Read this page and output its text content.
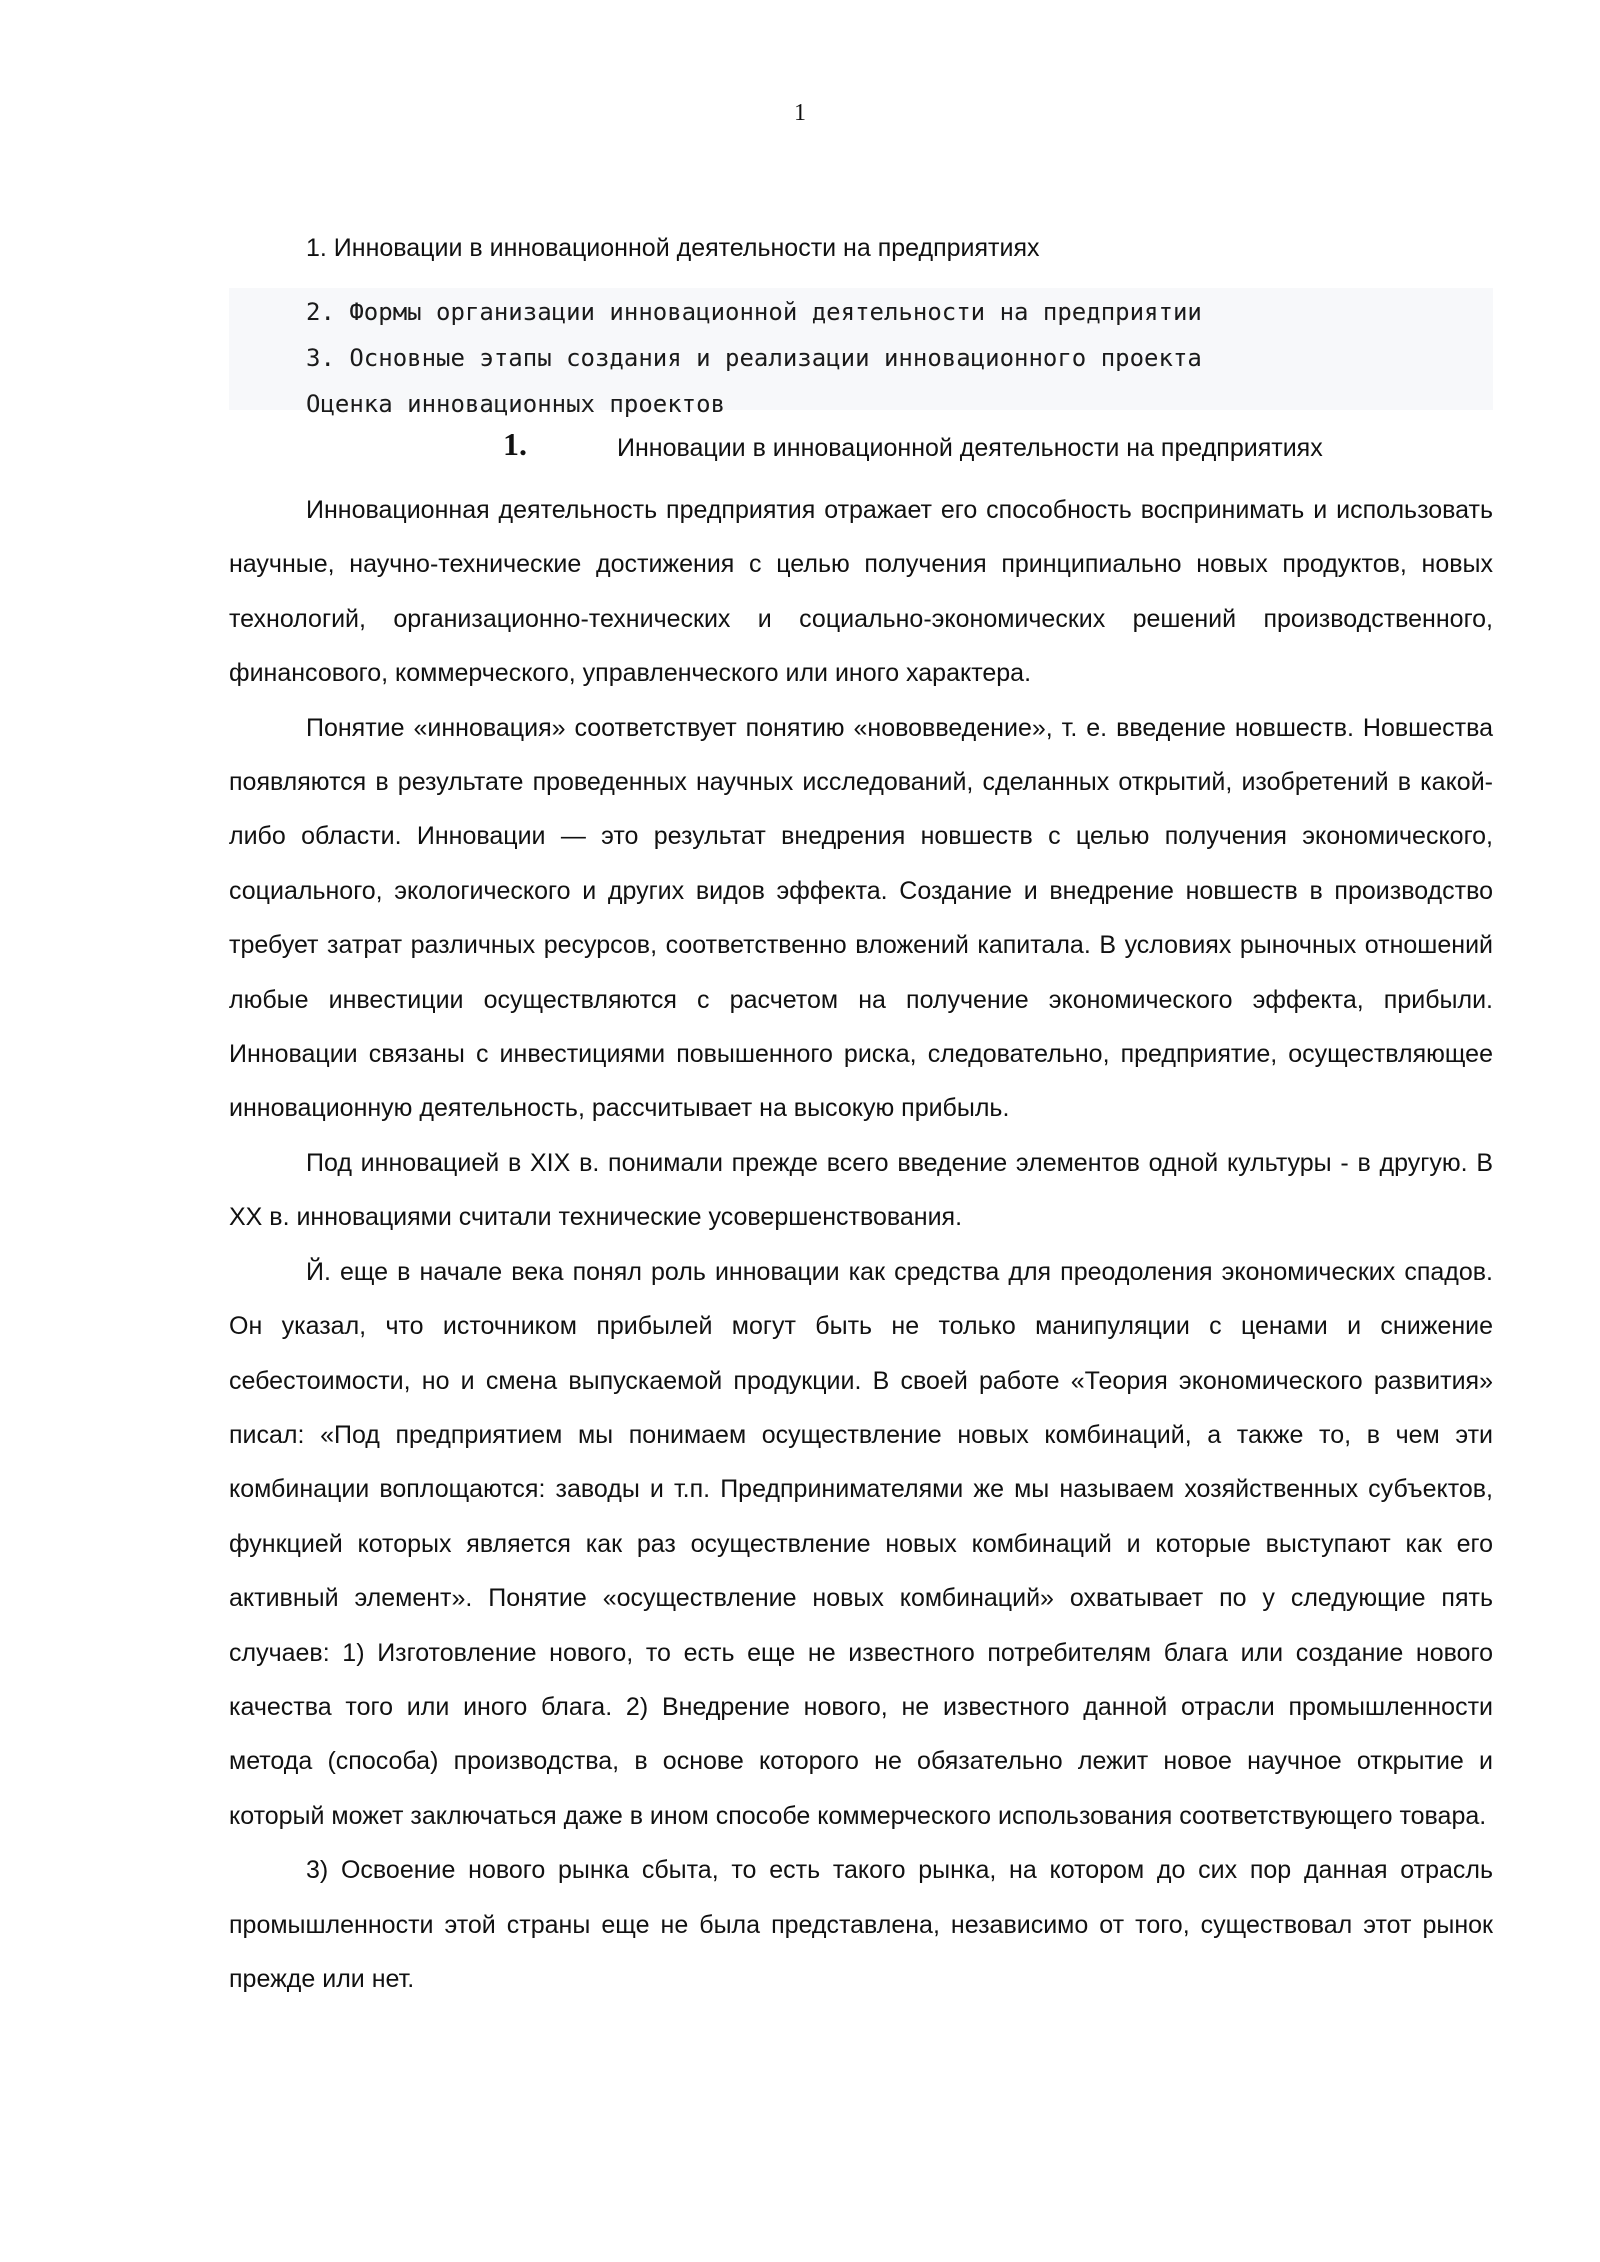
1
1. Инновации в инновационной деятельности на предприятиях
2. Формы организации инновационной деятельности на предприятии
3. Основные этапы создания и реализации инновационного проекта
Оценка инновационных проектов
1.	Инновации в инновационной деятельности на предприятиях

Инновационная деятельность предприятия отражает его способность воспринимать и использовать научные, научно-технические достижения с целью получения принципиально новых продуктов, новых технологий, организационно-технических и социально-экономических решений производственного, финансового, коммерческого, управленческого или иного характера.

Понятие «инновация» соответствует понятию «нововведение», т. е. введение новшеств. Новшества появляются в результате проведенных научных исследований, сделанных открытий, изобретений в какой-либо области. Инновации — это результат внедрения новшеств с целью получения экономического, социального, экологического и других видов эффекта. Создание и внедрение новшеств в производство требует затрат различных ресурсов, соответственно вложений капитала. В условиях рыночных отношений любые инвестиции осуществляются с расчетом на получение экономического эффекта, прибыли. Инновации связаны с инвестициями повышенного риска, следовательно, предприятие, осуществляющее инновационную деятельность, рассчитывает на высокую прибыль.

Под инновацией в XIX в. понимали прежде всего введение элементов одной культуры - в другую. В XX в. инновациями считали технические усовершенствования.

Й. еще в начале века понял роль инновации как средства для преодоления экономических спадов. Он указал, что источником прибылей могут быть не только манипуляции с ценами и снижение себестоимости, но и смена выпускаемой продукции. В своей работе «Теория экономического развития» писал: «Под предприятием мы понимаем осуществление новых комбинаций, а также то, в чем эти комбинации воплощаются: заводы и т.п. Предпринимателями же мы называем хозяйственных субъектов, функцией которых является как раз осуществление новых комбинаций и которые выступают как его активный элемент». Понятие «осуществление новых комбинаций» охватывает по у следующие пять случаев: 1) Изготовление нового, то есть еще не известного потребителям блага или создание нового качества того или иного блага. 2) Внедрение нового, не известного данной отрасли промышленности метода (способа) производства, в основе которого не обязательно лежит новое научное открытие и который может заключаться даже в ином способе коммерческого использования соответствующего товара.

3) Освоение нового рынка сбыта, то есть такого рынка, на котором до сих пор данная отрасль промышленности этой страны еще не была представлена, независимо от того, существовал этот рынок прежде или нет.
